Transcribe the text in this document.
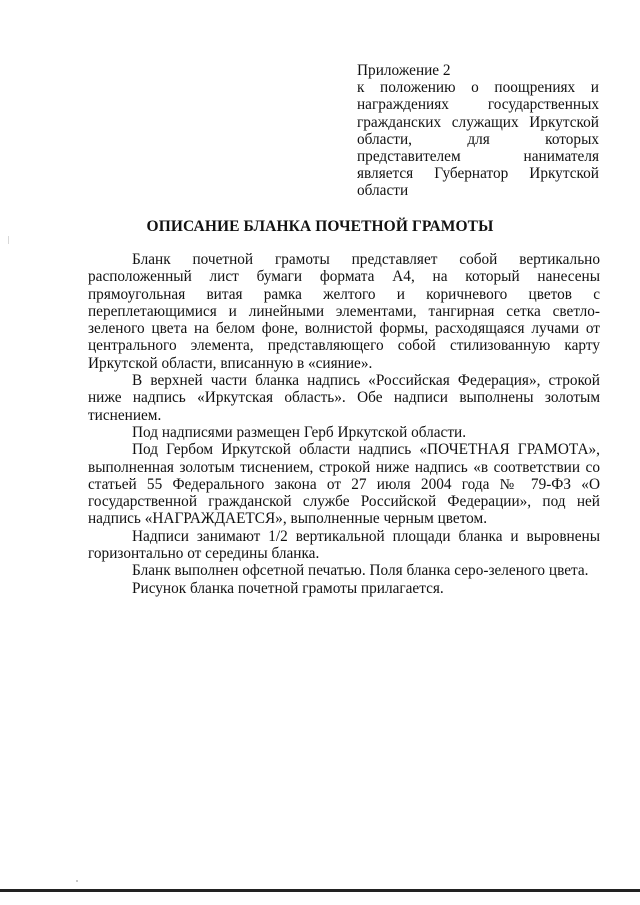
Приложение 2
к положению о поощрениях и
награждениях государственных
гражданских служащих Иркутской
области, для которых
представителем нанимателя
является Губернатор Иркутской
области
ОПИСАНИЕ БЛАНКА ПОЧЕТНОЙ ГРАМОТЫ
Бланк почетной грамоты представляет собой вертикально
расположенный лист бумаги формата А4, на который нанесены
прямоугольная витая рамка желтого и коричневого цветов с
переплетающимися и линейными элементами, тангирная сетка светло-
зеленого цвета на белом фоне, волнистой формы, расходящаяся лучами от
центрального элемента, представляющего собой стилизованную карту
Иркутской области, вписанную в «сияние».
В верхней части бланка надпись «Российская Федерация», строкой
ниже надпись «Иркутская область». Обе надписи выполнены золотым
тиснением.
Под надписями размещен Герб Иркутской области.
Под Гербом Иркутской области надпись «ПОЧЕТНАЯ ГРАМОТА»,
выполненная золотым тиснением, строкой ниже надпись «в соответствии со
статьей 55 Федерального закона от 27 июля 2004 года № 79-ФЗ «О
государственной гражданской службе Российской Федерации», под ней
надпись «НАГРАЖДАЕТСЯ», выполненные черным цветом.
Надписи занимают 1/2 вертикальной площади бланка и выровнены
горизонтально от середины бланка.
Бланк выполнен офсетной печатью. Поля бланка серо-зеленого цвета.
Рисунок бланка почетной грамоты прилагается.
